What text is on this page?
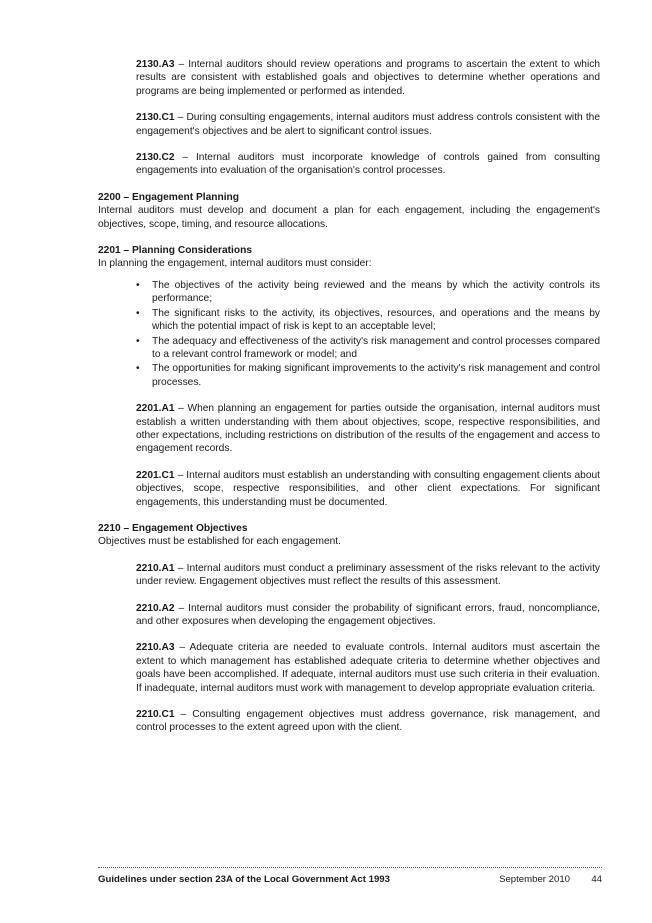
2130.A3 – Internal auditors should review operations and programs to ascertain the extent to which results are consistent with established goals and objectives to determine whether operations and programs are being implemented or performed as intended.

2130.C1 – During consulting engagements, internal auditors must address controls consistent with the engagement's objectives and be alert to significant control issues.

2130.C2 – Internal auditors must incorporate knowledge of controls gained from consulting engagements into evaluation of the organisation's control processes.

2200 – Engagement Planning

Internal auditors must develop and document a plan for each engagement, including the engagement's objectives, scope, timing, and resource allocations.

2201 – Planning Considerations

In planning the engagement, internal auditors must consider:

• The objectives of the activity being reviewed and the means by which the activity controls its performance;
• The significant risks to the activity, its objectives, resources, and operations and the means by which the potential impact of risk is kept to an acceptable level;
• The adequacy and effectiveness of the activity's risk management and control processes compared to a relevant control framework or model; and
• The opportunities for making significant improvements to the activity's risk management and control processes.

2201.A1 – When planning an engagement for parties outside the organisation, internal auditors must establish a written understanding with them about objectives, scope, respective responsibilities, and other expectations, including restrictions on distribution of the results of the engagement and access to engagement records.

2201.C1 – Internal auditors must establish an understanding with consulting engagement clients about objectives, scope, respective responsibilities, and other client expectations. For significant engagements, this understanding must be documented.

2210 – Engagement Objectives

Objectives must be established for each engagement.

2210.A1 – Internal auditors must conduct a preliminary assessment of the risks relevant to the activity under review. Engagement objectives must reflect the results of this assessment.

2210.A2 – Internal auditors must consider the probability of significant errors, fraud, noncompliance, and other exposures when developing the engagement objectives.

2210.A3 – Adequate criteria are needed to evaluate controls. Internal auditors must ascertain the extent to which management has established adequate criteria to determine whether objectives and goals have been accomplished. If adequate, internal auditors must use such criteria in their evaluation. If inadequate, internal auditors must work with management to develop appropriate evaluation criteria.

2210.C1 – Consulting engagement objectives must address governance, risk management, and control processes to the extent agreed upon with the client.

Guidelines under section 23A of the Local Government Act 1993	September 2010 44
